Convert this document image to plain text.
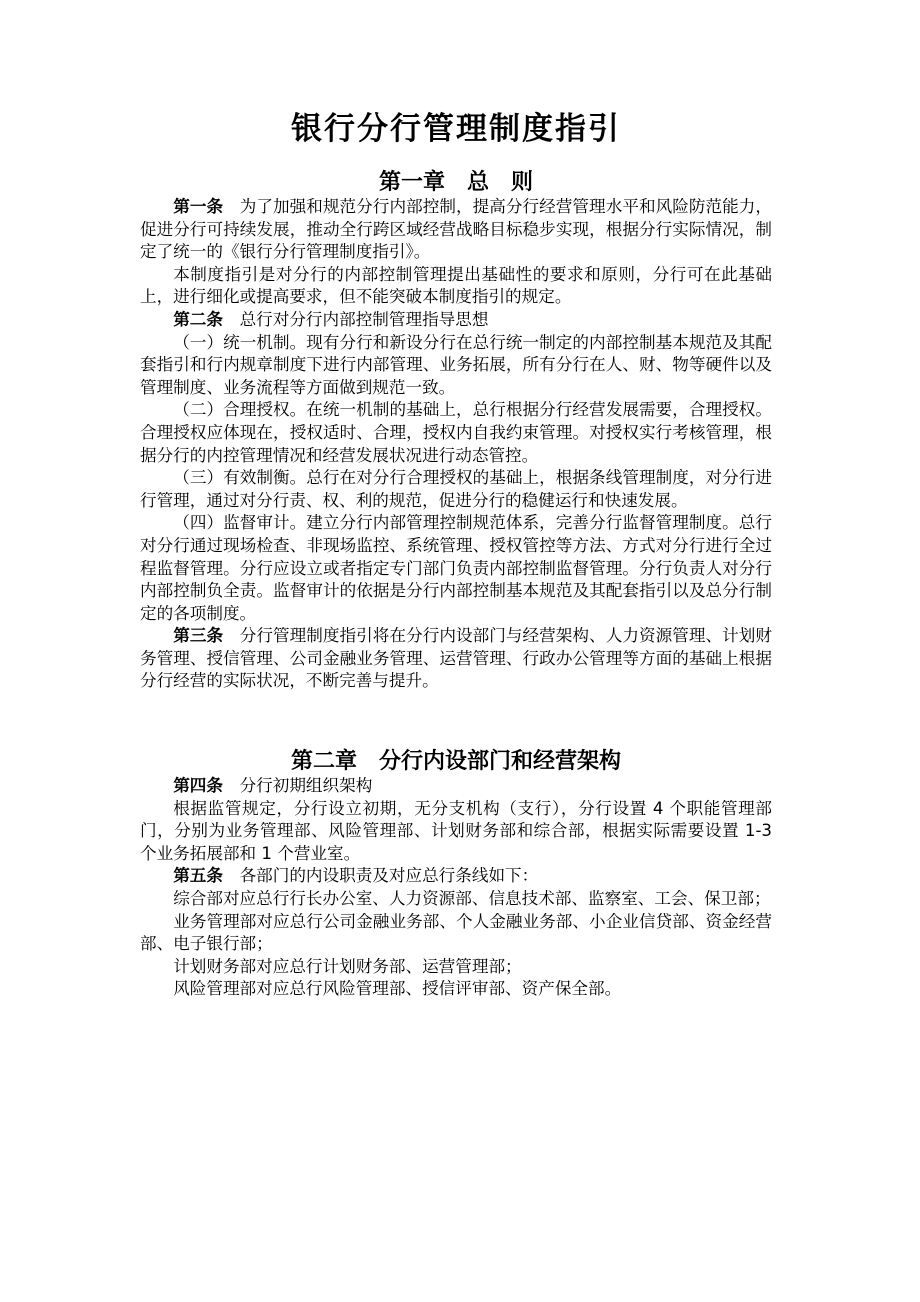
银行分行管理制度指引
第一章　总　则

第一条 为了加强和规范分行内部控制，提高分行经营管理水平和风险防范能力，促进分行可持续发展，推动全行跨区域经营战略目标稳步实现，根据分行实际情况，制定了统一的《银行分行管理制度指引》。

本制度指引是对分行的内部控制管理提出基础性的要求和原则，分行可在此基础上，进行细化或提高要求，但不能突破本制度指引的规定。

第二条 总行对分行内部控制管理指导思想

（一）统一机制。现有分行和新设分行在总行统一制定的内部控制基本规范及其配套指引和行内规章制度下进行内部管理、业务拓展，所有分行在人、财、物等硬件以及管理制度、业务流程等方面做到规范一致。

（二）合理授权。在统一机制的基础上，总行根据分行经营发展需要，合理授权。合理授权应体现在，授权适时、合理，授权内自我约束管理。对授权实行考核管理，根据分行的内控管理情况和经营发展状况进行动态管控。

（三）有效制衡。总行在对分行合理授权的基础上，根据条线管理制度，对分行进行管理，通过对分行责、权、利的规范，促进分行的稳健运行和快速发展。

（四）监督审计。建立分行内部管理控制规范体系，完善分行监督管理制度。总行对分行通过现场检查、非现场监控、系统管理、授权管控等方法、方式对分行进行全过程监督管理。分行应设立或者指定专门部门负责内部控制监督管理。分行负责人对分行内部控制负全责。监督审计的依据是分行内部控制基本规范及其配套指引以及总分行制定的各项制度。

第三条 分行管理制度指引将在分行内设部门与经营架构、人力资源管理、计划财务管理、授信管理、公司金融业务管理、运营管理、行政办公管理等方面的基础上根据分行经营的实际状况，不断完善与提升。

第二章　分行内设部门和经营架构

第四条 分行初期组织架构

根据监管规定，分行设立初期，无分支机构（支行），分行设置 4 个职能管理部门，分别为业务管理部、风险管理部、计划财务部和综合部，根据实际需要设置 1-3 个业务拓展部和 1 个营业室。

第五条 各部门的内设职责及对应总行条线如下：

综合部对应总行行长办公室、人力资源部、信息技术部、监察室、工会、保卫部；

业务管理部对应总行公司金融业务部、个人金融业务部、小企业信贷部、资金经营部、电子银行部；

计划财务部对应总行计划财务部、运营管理部；

风险管理部对应总行风险管理部、授信评审部、资产保全部。
